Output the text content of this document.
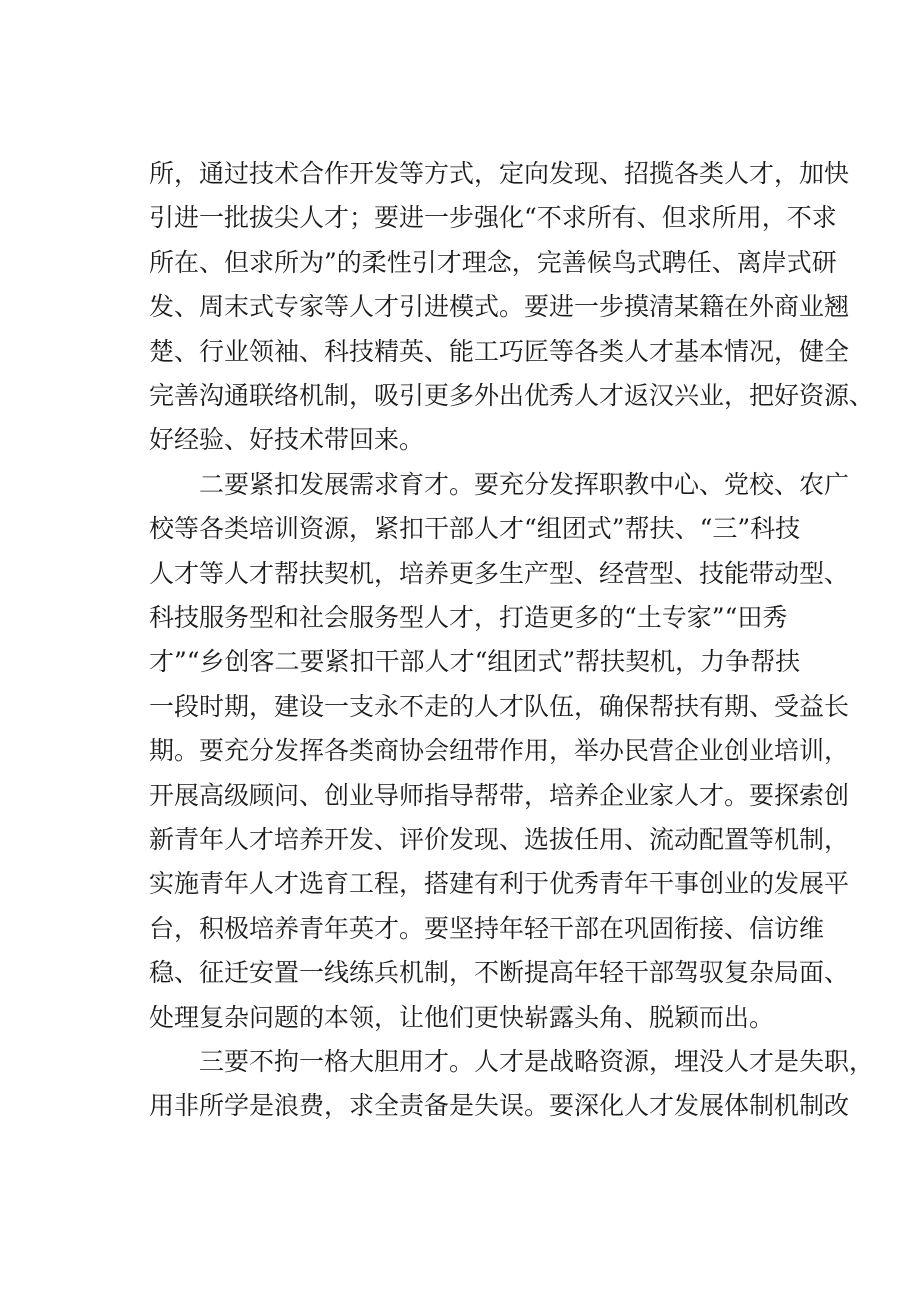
所，通过技术合作开发等方式，定向发现、招揽各类人才，加快
引进一批拔尖人才；要进一步强化“不求所有、但求所用，不求
所在、但求所为”的柔性引才理念，完善候鸟式聘任、离岸式研
发、周末式专家等人才引进模式。要进一步摸清某籍在外商业翘
楚、行业领袖、科技精英、能工巧匠等各类人才基本情况，健全
完善沟通联络机制，吸引更多外出优秀人才返汉兴业，把好资源、
好经验、好技术带回来。
二要紧扣发展需求育才。要充分发挥职教中心、党校、农广
校等各类培训资源，紧扣干部人才“组团式”帮扶、“三”科技
人才等人才帮扶契机，培养更多生产型、经营型、技能带动型、
科技服务型和社会服务型人才，打造更多的“土专家”“田秀
才”“乡创客二要紧扣干部人才“组团式”帮扶契机，力争帮扶
一段时期，建设一支永不走的人才队伍，确保帮扶有期、受益长
期。要充分发挥各类商协会纽带作用，举办民营企业创业培训，
开展高级顾问、创业导师指导帮带，培养企业家人才。要探索创
新青年人才培养开发、评价发现、选拔任用、流动配置等机制，
实施青年人才选育工程，搭建有利于优秀青年干事创业的发展平
台，积极培养青年英才。要坚持年轻干部在巩固衔接、信访维
稳、征迁安置一线练兵机制，不断提高年轻干部驾驭复杂局面、
处理复杂问题的本领，让他们更快崭露头角、脱颖而出。
三要不拘一格大胆用才。人才是战略资源，埋没人才是失职，
用非所学是浪费，求全责备是失误。要深化人才发展体制机制改
